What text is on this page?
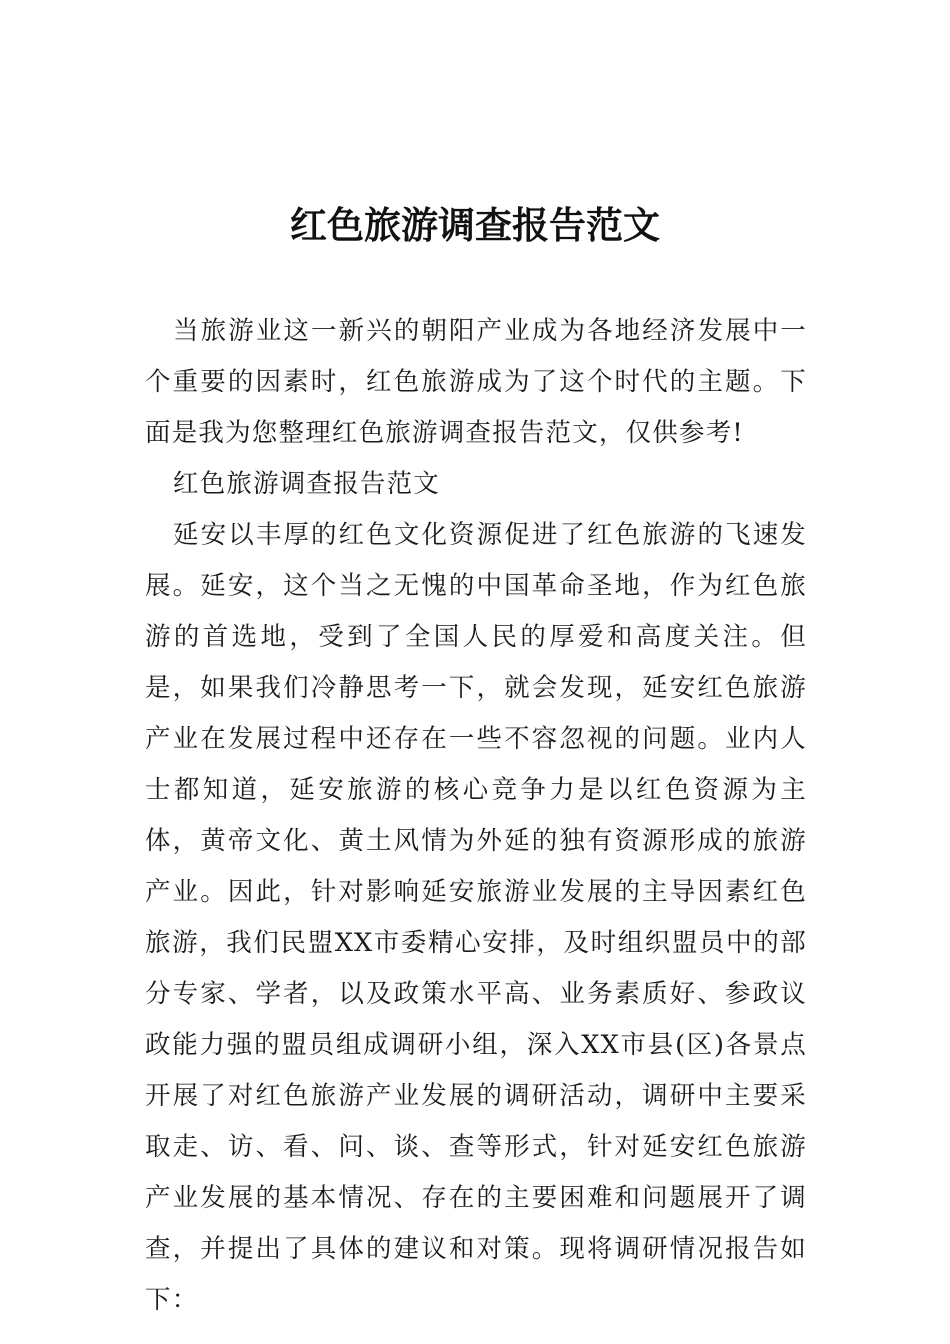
红色旅游调查报告范文

当旅游业这一新兴的朝阳产业成为各地经济发展中一个重要的因素时，红色旅游成为了这个时代的主题。下面是我为您整理红色旅游调查报告范文，仅供参考!

红色旅游调查报告范文

延安以丰厚的红色文化资源促进了红色旅游的飞速发展。延安，这个当之无愧的中国革命圣地，作为红色旅游的首选地，受到了全国人民的厚爱和高度关注。但是，如果我们冷静思考一下，就会发现，延安红色旅游产业在发展过程中还存在一些不容忽视的问题。业内人士都知道，延安旅游的核心竞争力是以红色资源为主体，黄帝文化、黄土风情为外延的独有资源形成的旅游产业。因此，针对影响延安旅游业发展的主导因素红色旅游，我们民盟XX市委精心安排，及时组织盟员中的部分专家、学者，以及政策水平高、业务素质好、参政议政能力强的盟员组成调研小组，深入XX市县(区)各景点开展了对红色旅游产业发展的调研活动，调研中主要采取走、访、看、问、谈、查等形式，针对延安红色旅游产业发展的基本情况、存在的主要困难和问题展开了调查，并提出了具体的建议和对策。现将调研情况报告如下：
